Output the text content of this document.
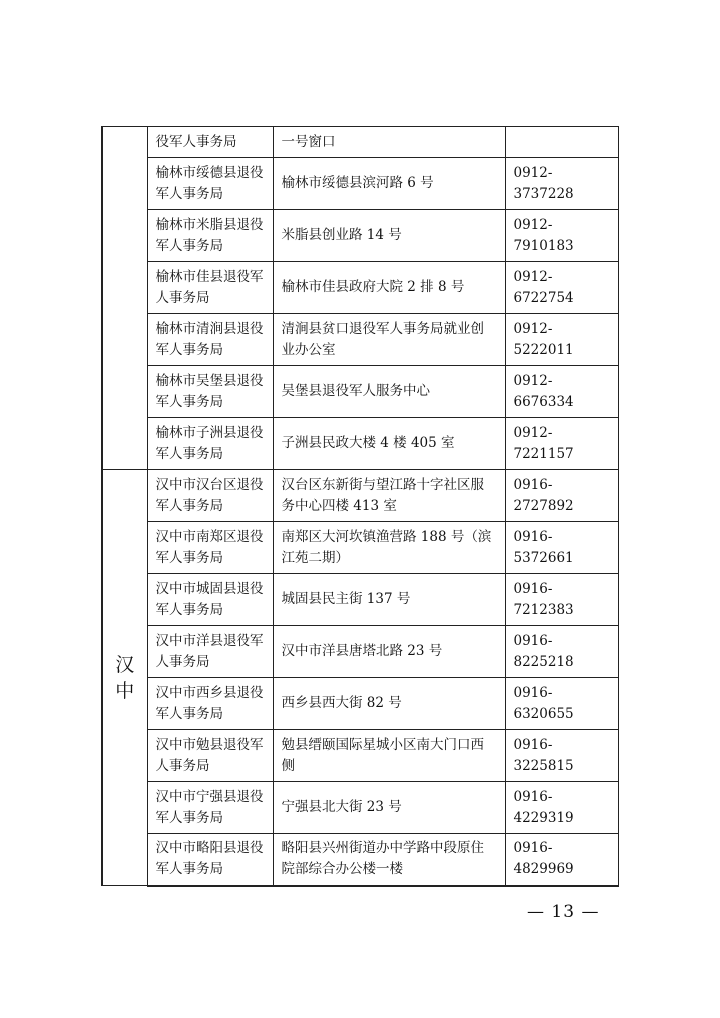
	役军人事务局	一号窗口	
	榆林市绥德县退役军人事务局	榆林市绥德县滨河路 6 号	0912-3737228
	榆林市米脂县退役军人事务局	米脂县创业路 14 号	0912-7910183
	榆林市佳县退役军人事务局	榆林市佳县政府大院 2 排 8 号	0912-6722754
	榆林市清涧县退役军人事务局	清涧县贫口退役军人事务局就业创业办公室	0912-5222011
	榆林市吴堡县退役军人事务局	吴堡县退役军人服务中心	0912-6676334
	榆林市子洲县退役军人事务局	子洲县民政大楼 4 楼 405 室	0912-7221157

汉
中	汉中市汉台区退役军人事务局	汉台区东新街与望江路十字社区服务中心四楼 413 室	0916-2727892
	汉中市南郑区退役军人事务局	南郑区大河坎镇渔营路 188 号（滨江苑二期）	0916-5372661
	汉中市城固县退役军人事务局	城固县民主街 137 号	0916-7212383
	汉中市洋县退役军人事务局	汉中市洋县唐塔北路 23 号	0916-8225218
	汉中市西乡县退役军人事务局	西乡县西大街 82 号	0916-6320655
	汉中市勉县退役军人事务局	勉县缙颐国际星城小区南大门口西侧	0916-3225815
	汉中市宁强县退役军人事务局	宁强县北大街 23 号	0916-4229319
	汉中市略阳县退役军人事务局	略阳县兴州街道办中学路中段原住院部综合办公楼一楼	0916-4829969
— 13 —
